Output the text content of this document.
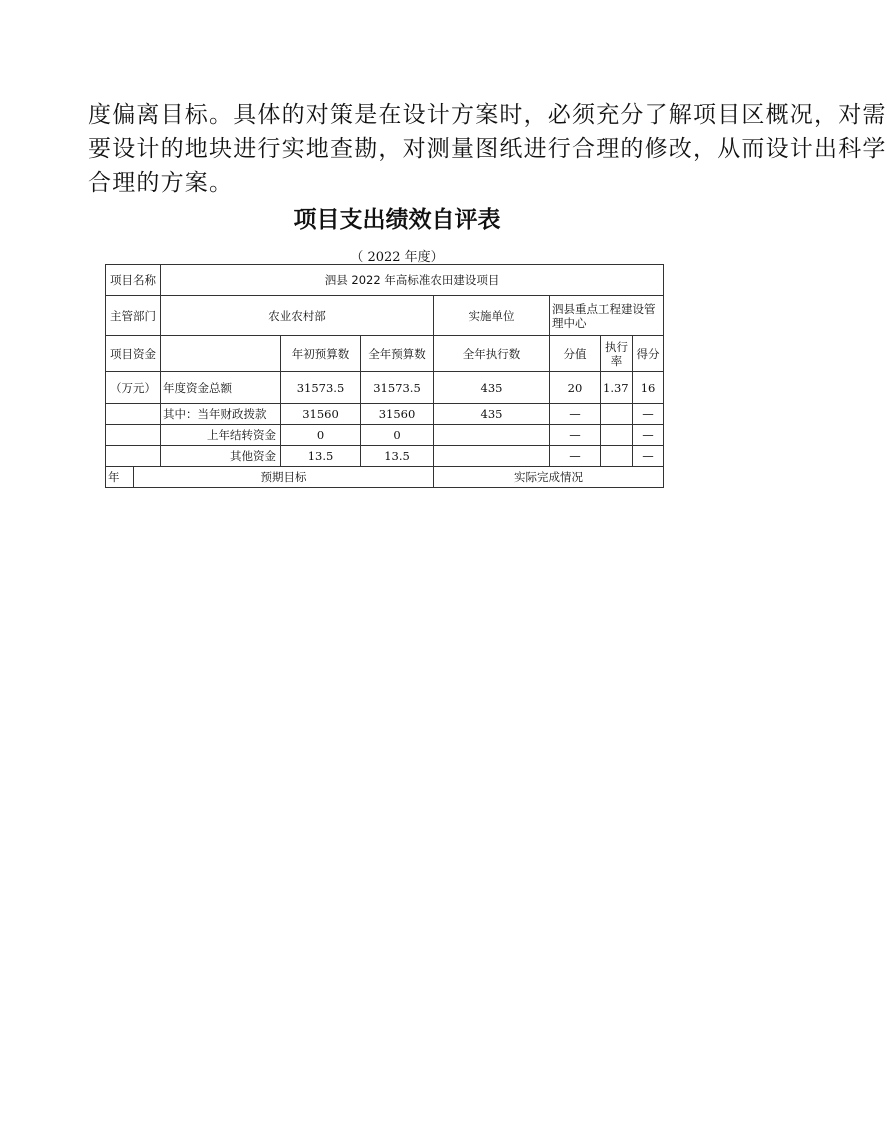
度偏离目标。具体的对策是在设计方案时，必须充分了解项目区概况，对需
要设计的地块进行实地查勘，对测量图纸进行合理的修改，从而设计出科学
合理的方案。
项目支出绩效自评表
（ 2022 年度）
项目名称		泗县 2022 年高标准农田建设项目						
主管部门		农业农村部			实施单位	泗县重点工程建设管理中心		
项目资金			年初预算数	全年预算数	全年执行数	分值	执行率	得分
（万元）		年度资金总额	31573.5	31573.5	435	20	1.37	16
		其中：当年财政拨款	31560	31560	435	—		—
		上年结转资金	0	0		—		—
		其他资金	13.5	13.5		—		—
年	预期目标				实际完成情况			
